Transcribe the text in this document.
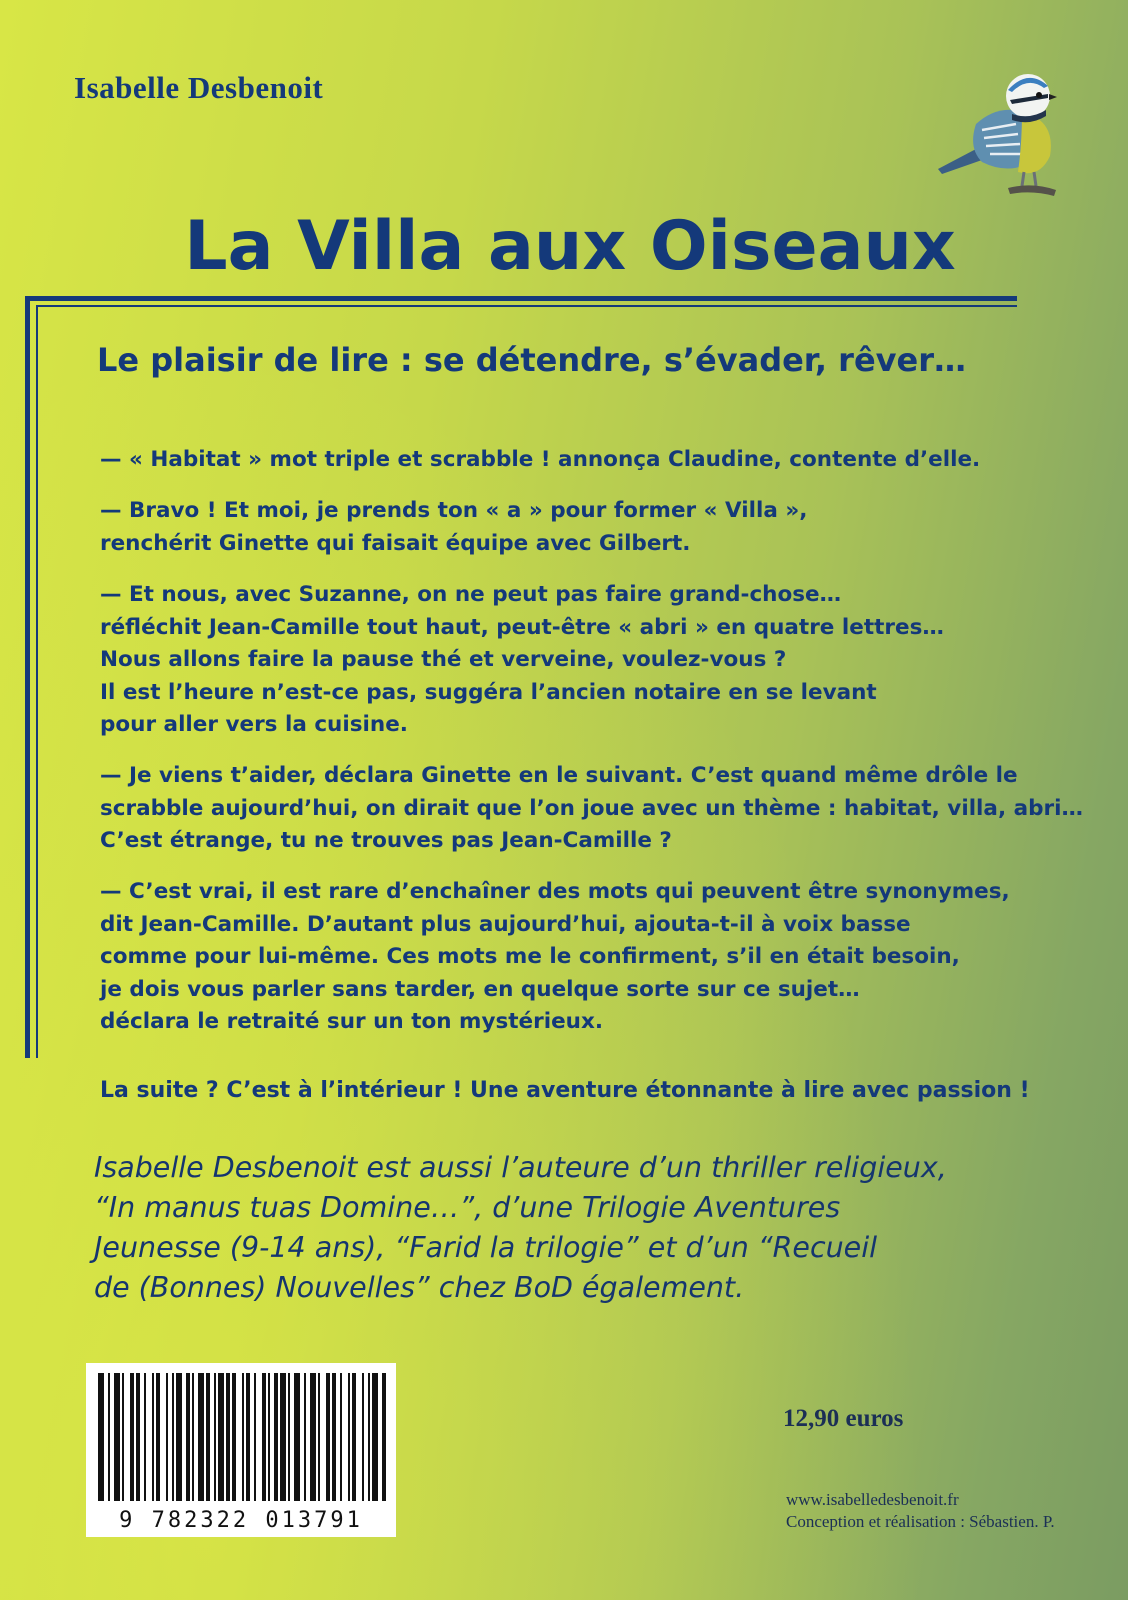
Isabelle Desbenoit
La Villa aux Oiseaux
Le plaisir de lire : se détendre, s’évader, rêver…
— « Habitat » mot triple et scrabble ! annonça Claudine, contente d’elle.
— Bravo ! Et moi, je prends ton « a » pour former « Villa »,
renchérit Ginette qui faisait équipe avec Gilbert.
— Et nous, avec Suzanne, on ne peut pas faire grand-chose…
réfléchit Jean-Camille tout haut, peut-être « abri » en quatre lettres…
Nous allons faire la pause thé et verveine, voulez-vous ?
Il est l’heure n’est-ce pas, suggéra l’ancien notaire en se levant
pour aller vers la cuisine.
— Je viens t’aider, déclara Ginette en le suivant. C’est quand même drôle le
scrabble aujourd’hui, on dirait que l’on joue avec un thème : habitat, villa, abri…
C’est étrange, tu ne trouves pas Jean-Camille ?
— C’est vrai, il est rare d’enchaîner des mots qui peuvent être synonymes,
dit Jean-Camille. D’autant plus aujourd’hui, ajouta-t-il à voix basse
comme pour lui-même. Ces mots me le confirment, s’il en était besoin,
je dois vous parler sans tarder, en quelque sorte sur ce sujet…
déclara le retraité sur un ton mystérieux.
La suite ? C’est à l’intérieur ! Une aventure étonnante à lire avec passion !
Isabelle Desbenoit est aussi l’auteure d’un thriller religieux,
“In manus tuas Domine…”, d’une Trilogie Aventures
Jeunesse (9-14 ans), “Farid la trilogie” et d’un “Recueil
de (Bonnes) Nouvelles” chez BoD également.
9 782322 013791
12,90 euros
www.isabelledesbenoit.fr
Conception et réalisation : Sébastien. P.
